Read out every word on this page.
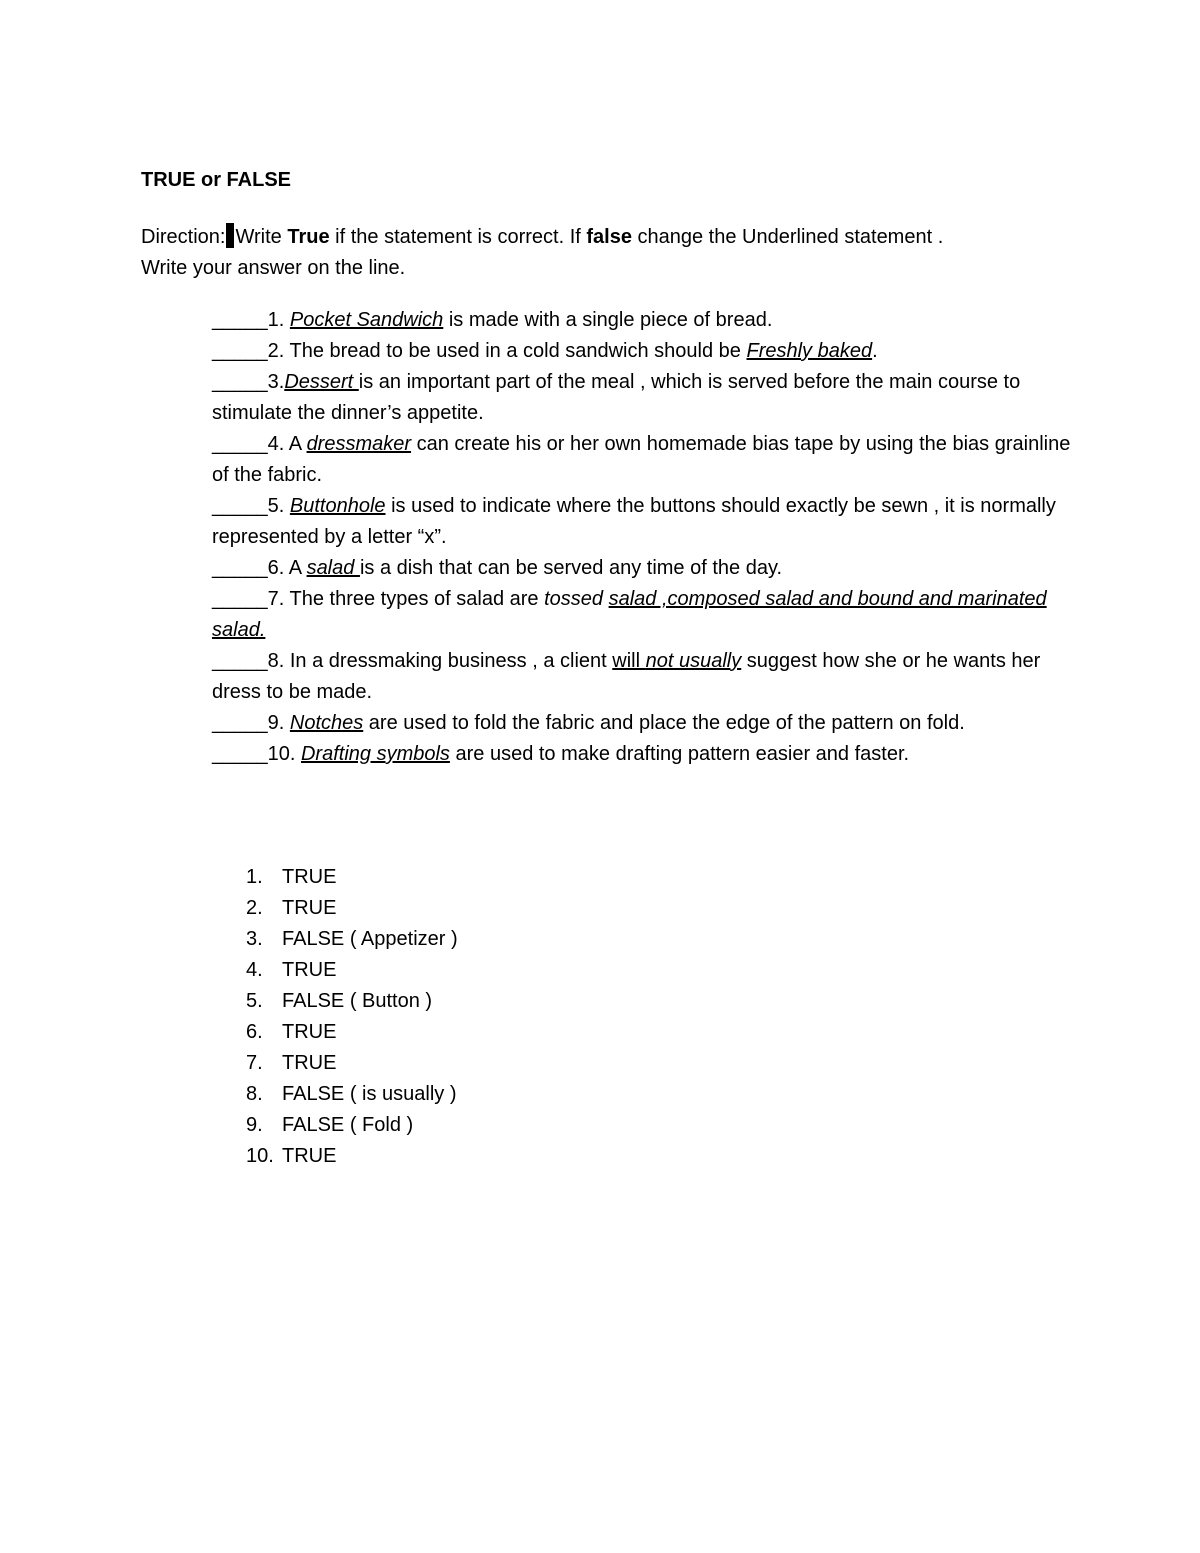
TRUE or FALSE
Direction: Write True if the statement is correct. If false change the Underlined statement .
Write your answer on the line.

_____1. Pocket Sandwich is made with a single piece of bread.

_____2. The bread to be used in a cold sandwich should be Freshly baked.

_____3.Dessert is an important part of the meal , which is served before the main course to stimulate the dinner’s appetite.

_____4. A dressmaker can create his or her own homemade bias tape by using the bias grainline of the fabric.

_____5. Buttonhole is used to indicate where the buttons should exactly be sewn , it is normally represented by a letter “x”.

_____6. A salad is a dish that can be served any time of the day.

_____7. The three types of salad are tossed salad ,composed salad and bound and marinated salad.

_____8. In a dressmaking business , a client will not usually suggest how she or he wants her dress to be made.

_____9. Notches are used to fold the fabric and place the edge of the pattern on fold.

_____10. Drafting symbols are used to make drafting pattern easier and faster.

1. TRUE
2. TRUE
3. FALSE ( Appetizer )
4. TRUE
5. FALSE ( Button )
6. TRUE
7. TRUE
8. FALSE ( is usually )
9. FALSE ( Fold )
10. TRUE
